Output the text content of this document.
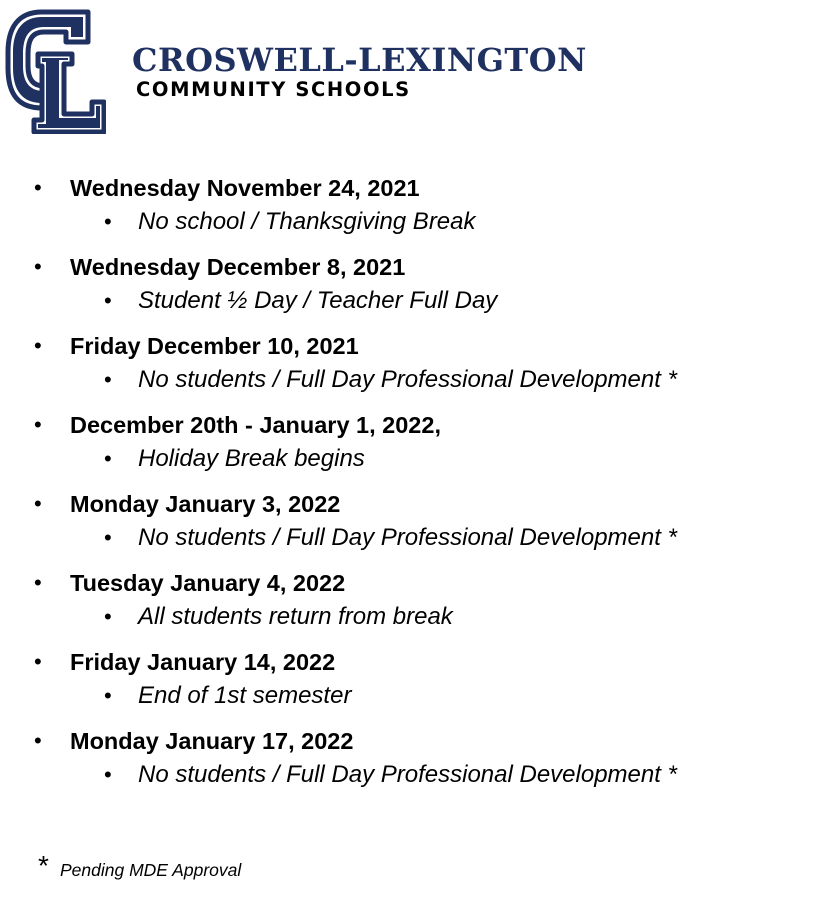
CL
CROSWELL-LEXINGTON
COMMUNITY SCHOOLS
• Wednesday November 24, 2021
• No school / Thanksgiving Break
• Wednesday December 8, 2021
• Student ½ Day / Teacher Full Day
• Friday December 10, 2021
• No students / Full Day Professional Development *
• December 20th - January 1, 2022,
• Holiday Break begins
• Monday January 3, 2022
• No students / Full Day Professional Development *
• Tuesday January 4, 2022
• All students return from break
• Friday January 14, 2022
• End of 1st semester
• Monday January 17, 2022
• No students / Full Day Professional Development *
* Pending MDE Approval
